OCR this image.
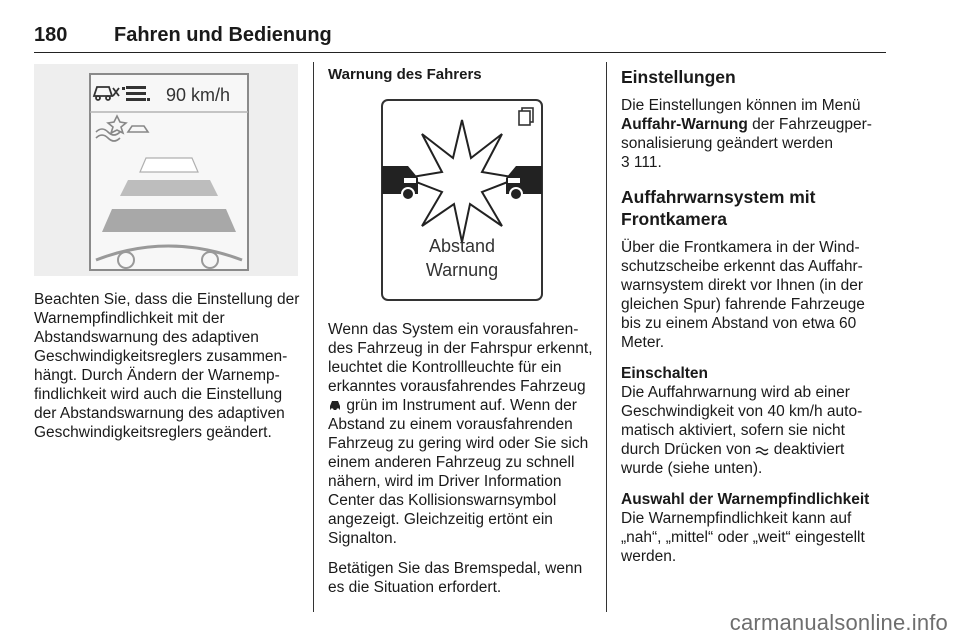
180 Fahren und Bedienung
90 km/h

Beachten Sie, dass die Einstellung der Warnempfindlichkeit mit der Abstandswarnung des adaptiven Geschwindigkeitsreglers zusammenhängt. Durch Ändern der Warnempfindlichkeit wird auch die Einstellung der Abstandswarnung des adaptiven Geschwindigkeitsreglers geändert.

Warnung des Fahrers
Abstand
Warnung

Wenn das System ein vorausfahrendes Fahrzeug in der Fahrspur erkennt, leuchtet die Kontrollleuchte für ein erkanntes vorausfahrendes Fahrzeug  grün im Instrument auf. Wenn der Abstand zu einem vorausfahrenden Fahrzeug zu gering wird oder Sie sich einem anderen Fahrzeug zu schnell nähern, wird im Driver Information Center das Kollisionswarnsymbol angezeigt. Gleichzeitig ertönt ein Signalton.

Betätigen Sie das Bremspedal, wenn es die Situation erfordert.

Einstellungen

Die Einstellungen können im Menü Auffahr-Warnung der Fahrzeugpersonalisierung geändert werden
3 111.

Auffahrwarnsystem mit Frontkamera

Über die Frontkamera in der Windschutzscheibe erkennt das Auffahrwarnsystem direkt vor Ihnen (in der gleichen Spur) fahrende Fahrzeuge bis zu einem Abstand von etwa 60 Meter.

Einschalten

Die Auffahrwarnung wird ab einer Geschwindigkeit von 40 km/h automatisch aktiviert, sofern sie nicht durch Drücken von deaktiviert wurde (siehe unten).

Auswahl der Warnempfindlichkeit

Die Warnempfindlichkeit kann auf „nah“, „mittel“ oder „weit“ eingestellt werden.

carmanualsonline.info
